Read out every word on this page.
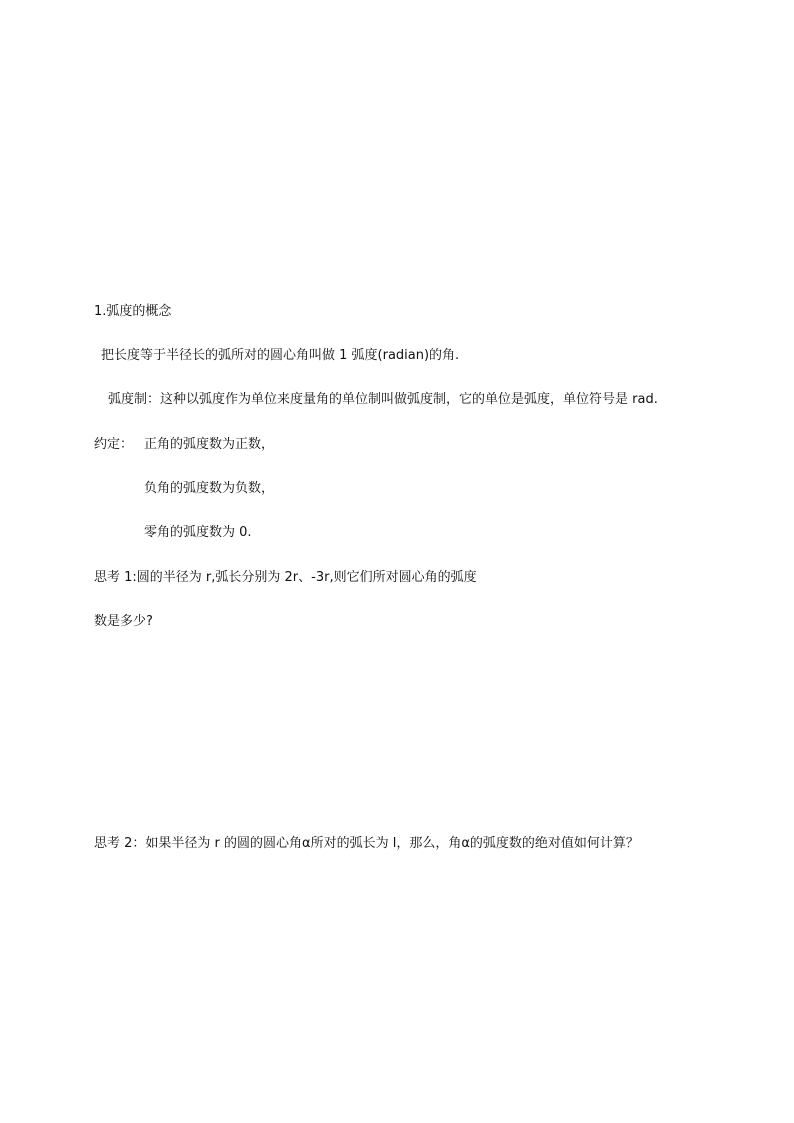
1.弧度的概念
把长度等于半径长的弧所对的圆心角叫做 1 弧度(radian)的角.
弧度制：这种以弧度作为单位来度量角的单位制叫做弧度制，它的单位是弧度，单位符号是 rad.
约定： 正角的弧度数为正数，
负角的弧度数为负数，
零角的弧度数为 0.
思考 1:圆的半径为 r,弧长分别为 2r、-3r,则它们所对圆心角的弧度
数是多少?
思考 2：如果半径为 r 的圆的圆心角α所对的弧长为 l，那么，角α的弧度数的绝对值如何计算？
